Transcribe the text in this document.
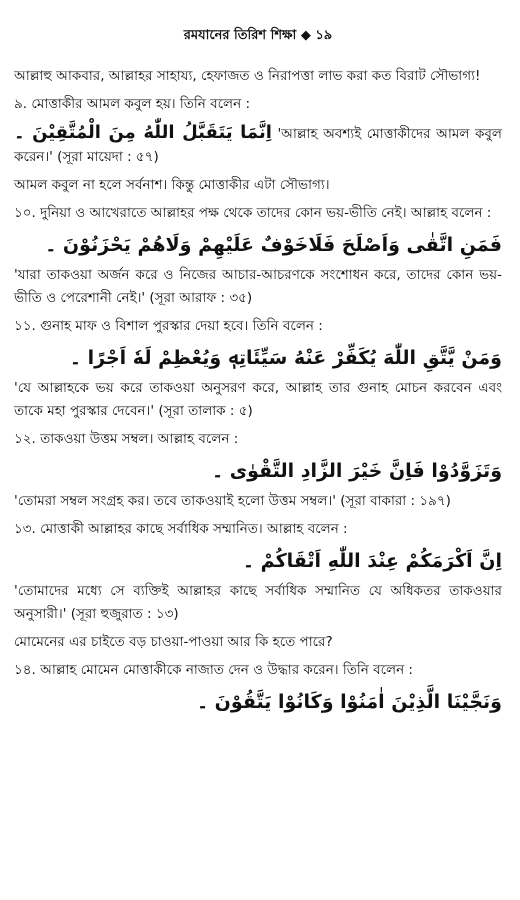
রমযানের তিরিশ শিক্ষা ◆ ১৯

আল্লাহু আকবার, আল্লাহর সাহায্য, হেফাজত ও নিরাপত্তা লাভ করা কত বিরাট সৌভাগ্য!

৯. মোত্তাকীর আমল কবুল হয়। তিনি বলেন :

اِنَّمَا يَتَقَبَّلُ اللّٰهُ مِنَ الْمُتَّقِيْنَ ۔ 'আল্লাহ অবশ্যই মোত্তাকীদের আমল কবুল করেন।' (সূরা মায়েদা : ৫৭)

আমল কবুল না হলে সর্বনাশ। কিন্তু মোত্তাকীর এটা সৌভাগ্য।

১০. দুনিয়া ও আখেরাতে আল্লাহর পক্ষ থেকে তাদের কোন ভয়-ভীতি নেই। আল্লাহ বলেন :

فَمَنِ اتَّقٰى وَاَصْلَحَ فَلَاخَوْفٌ عَلَيْهِمْ وَلَاهُمْ يَحْزَنُوْنَ ۔

'যারা তাকওয়া অর্জন করে ও নিজের আচার-আচরণকে সংশোধন করে, তাদের কোন ভয়-ভীতি ও পেরেশানী নেই।' (সূরা আরাফ : ৩৫)

১১. গুনাহ মাফ ও বিশাল পুরস্কার দেয়া হবে। তিনি বলেন :

وَمَنْ يَّتَّقِ اللّٰهَ يُكَفِّرْ عَنْهُ سَيِّئَاتِهٖ وَيُعْظِمْ لَهٗ اَجْرًا ۔

'যে আল্লাহকে ভয় করে তাকওয়া অনুসরণ করে, আল্লাহ তার গুনাহ মোচন করবেন এবং তাকে মহা পুরস্কার দেবেন।' (সূরা তালাক : ৫)

১২. তাকওয়া উত্তম সম্বল। আল্লাহ বলেন :

وَتَزَوَّدُوْا فَاِنَّ خَيْرَ الزَّادِ التَّقْوٰى ۔

'তোমরা সম্বল সংগ্রহ কর। তবে তাকওয়াই হলো উত্তম সম্বল।' (সূরা বাকারা : ১৯৭)

১৩. মোত্তাকী আল্লাহর কাছে সর্বাধিক সম্মানিত। আল্লাহ বলেন :

اِنَّ اَكْرَمَكُمْ عِنْدَ اللّٰهِ اَتْقَاكُمْ ۔

'তোমাদের মধ্যে সে ব্যক্তিই আল্লাহর কাছে সর্বাধিক সম্মানিত যে অধিকতর তাকওয়ার অনুসারী।' (সূরা হুজুরাত : ১৩)

মোমেনের এর চাইতে বড় চাওয়া-পাওয়া আর কি হতে পারে?

১৪. আল্লাহ মোমেন মোত্তাকীকে নাজাত দেন ও উদ্ধার করেন। তিনি বলেন :

وَنَجَّيْنَا الَّذِيْنَ اٰمَنُوْا وَكَانُوْا يَتَّقُوْنَ ۔
